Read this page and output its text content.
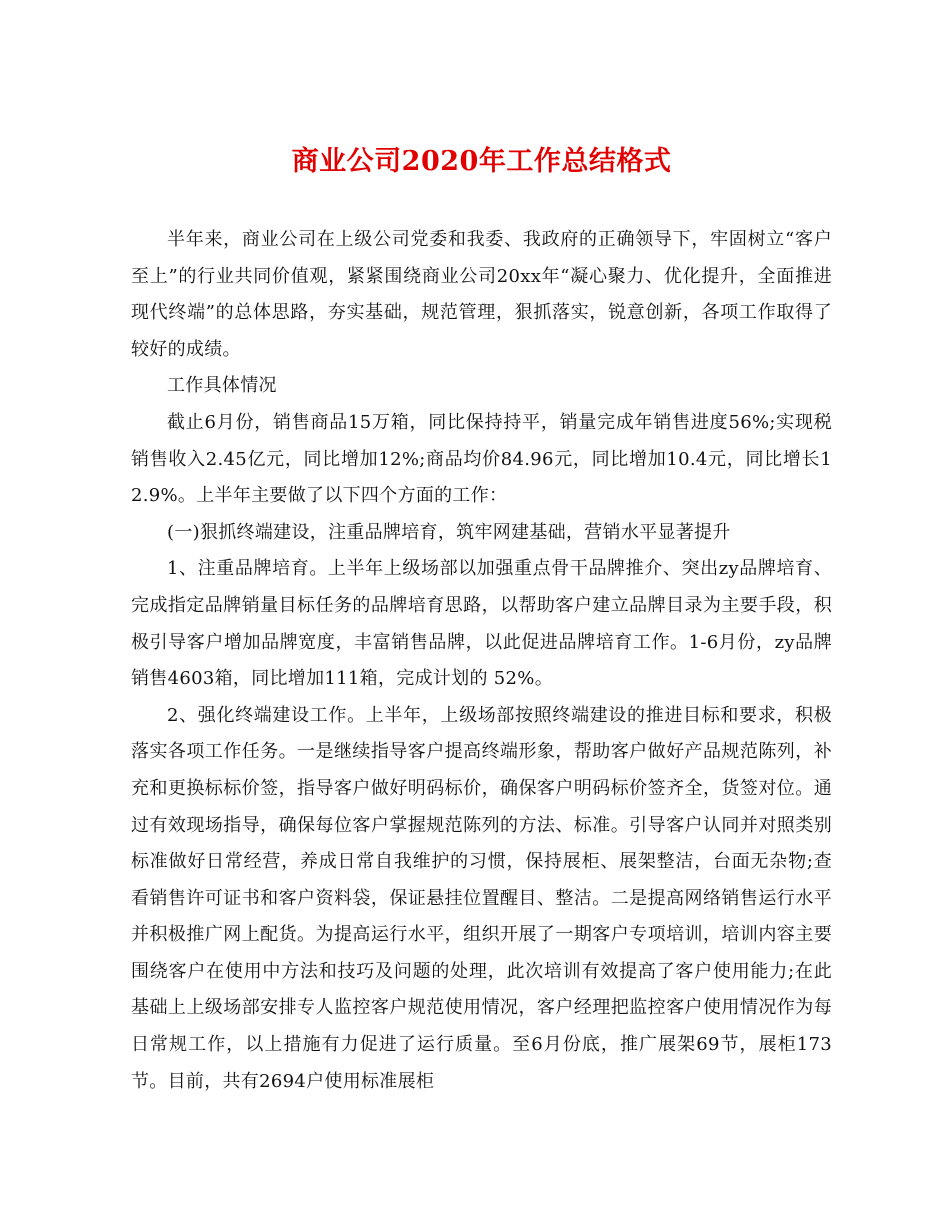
商业公司2020年工作总结格式

半年来，商业公司在上级公司党委和我委、我政府的正确领导下，牢固树立“客户至上”的行业共同价值观，紧紧围绕商业公司20xx年“凝心聚力、优化提升，全面推进现代终端”的总体思路，夯实基础，规范管理，狠抓落实，锐意创新，各项工作取得了较好的成绩。

工作具体情况

截止6月份，销售商品15万箱，同比保持持平，销量完成年销售进度56%;实现税销售收入2.45亿元，同比增加12%;商品均价84.96元，同比增加10.4元，同比增长12.9%。上半年主要做了以下四个方面的工作：

(一)狠抓终端建设，注重品牌培育，筑牢网建基础，营销水平显著提升

1、注重品牌培育。上半年上级场部以加强重点骨干品牌推介、突出zy品牌培育、完成指定品牌销量目标任务的品牌培育思路，以帮助客户建立品牌目录为主要手段，积极引导客户增加品牌宽度，丰富销售品牌，以此促进品牌培育工作。1-6月份，zy品牌销售4603箱，同比增加111箱，完成计划的 52%。

2、强化终端建设工作。上半年，上级场部按照终端建设的推进目标和要求，积极落实各项工作任务。一是继续指导客户提高终端形象，帮助客户做好产品规范陈列，补充和更换标标价签，指导客户做好明码标价，确保客户明码标价签齐全，货签对位。通过有效现场指导，确保每位客户掌握规范陈列的方法、标准。引导客户认同并对照类别标准做好日常经营，养成日常自我维护的习惯，保持展柜、展架整洁，台面无杂物;查看销售许可证书和客户资料袋，保证悬挂位置醒目、整洁。二是提高网络销售运行水平并积极推广网上配货。为提高运行水平，组织开展了一期客户专项培训，培训内容主要围绕客户在使用中方法和技巧及问题的处理，此次培训有效提高了客户使用能力;在此基础上上级场部安排专人监控客户规范使用情况，客户经理把监控客户使用情况作为每日常规工作，以上措施有力促进了运行质量。至6月份底，推广展架69节，展柜173节。目前，共有2694户使用标准展柜
